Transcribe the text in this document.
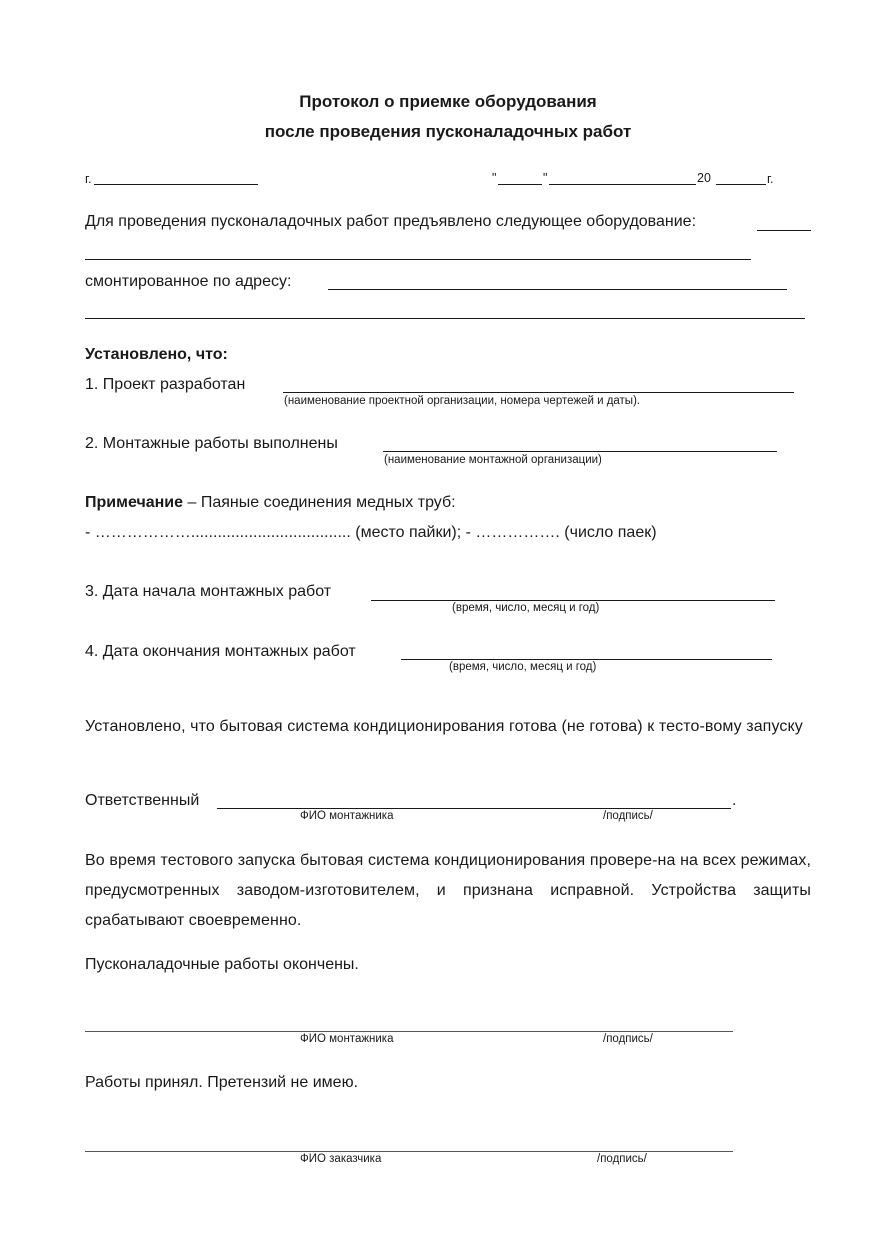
Протокол о приемке оборудования
после проведения пусконаладочных работ
г.	"	"	20	г.
Для проведения пусконаладочных работ предъявлено следующее оборудование:
смонтированное по адресу:
Установлено, что:
1. Проект разработан
(наименование проектной организации, номера чертежей и даты).
2. Монтажные работы выполнены
(наименование монтажной организации)
Примечание – Паяные соединения медных труб:
- ……………….................................... (место пайки); - ……………. (число паек)
3. Дата начала монтажных работ
(время, число, месяц и год)
4. Дата окончания монтажных работ
(время, число, месяц и год)
Установлено, что бытовая система кондиционирования готова (не готова) к тесто-вому запуску
Ответственный	.
ФИО монтажника	/подпись/
Во время тестового запуска бытовая система кондиционирования провере-на на всех режимах, предусмотренных заводом-изготовителем, и признана исправной. Устройства защиты срабатывают своевременно.
Пусконаладочные работы окончены.
ФИО монтажника	/подпись/
Работы принял. Претензий не имею.
ФИО заказчика	/подпись/
